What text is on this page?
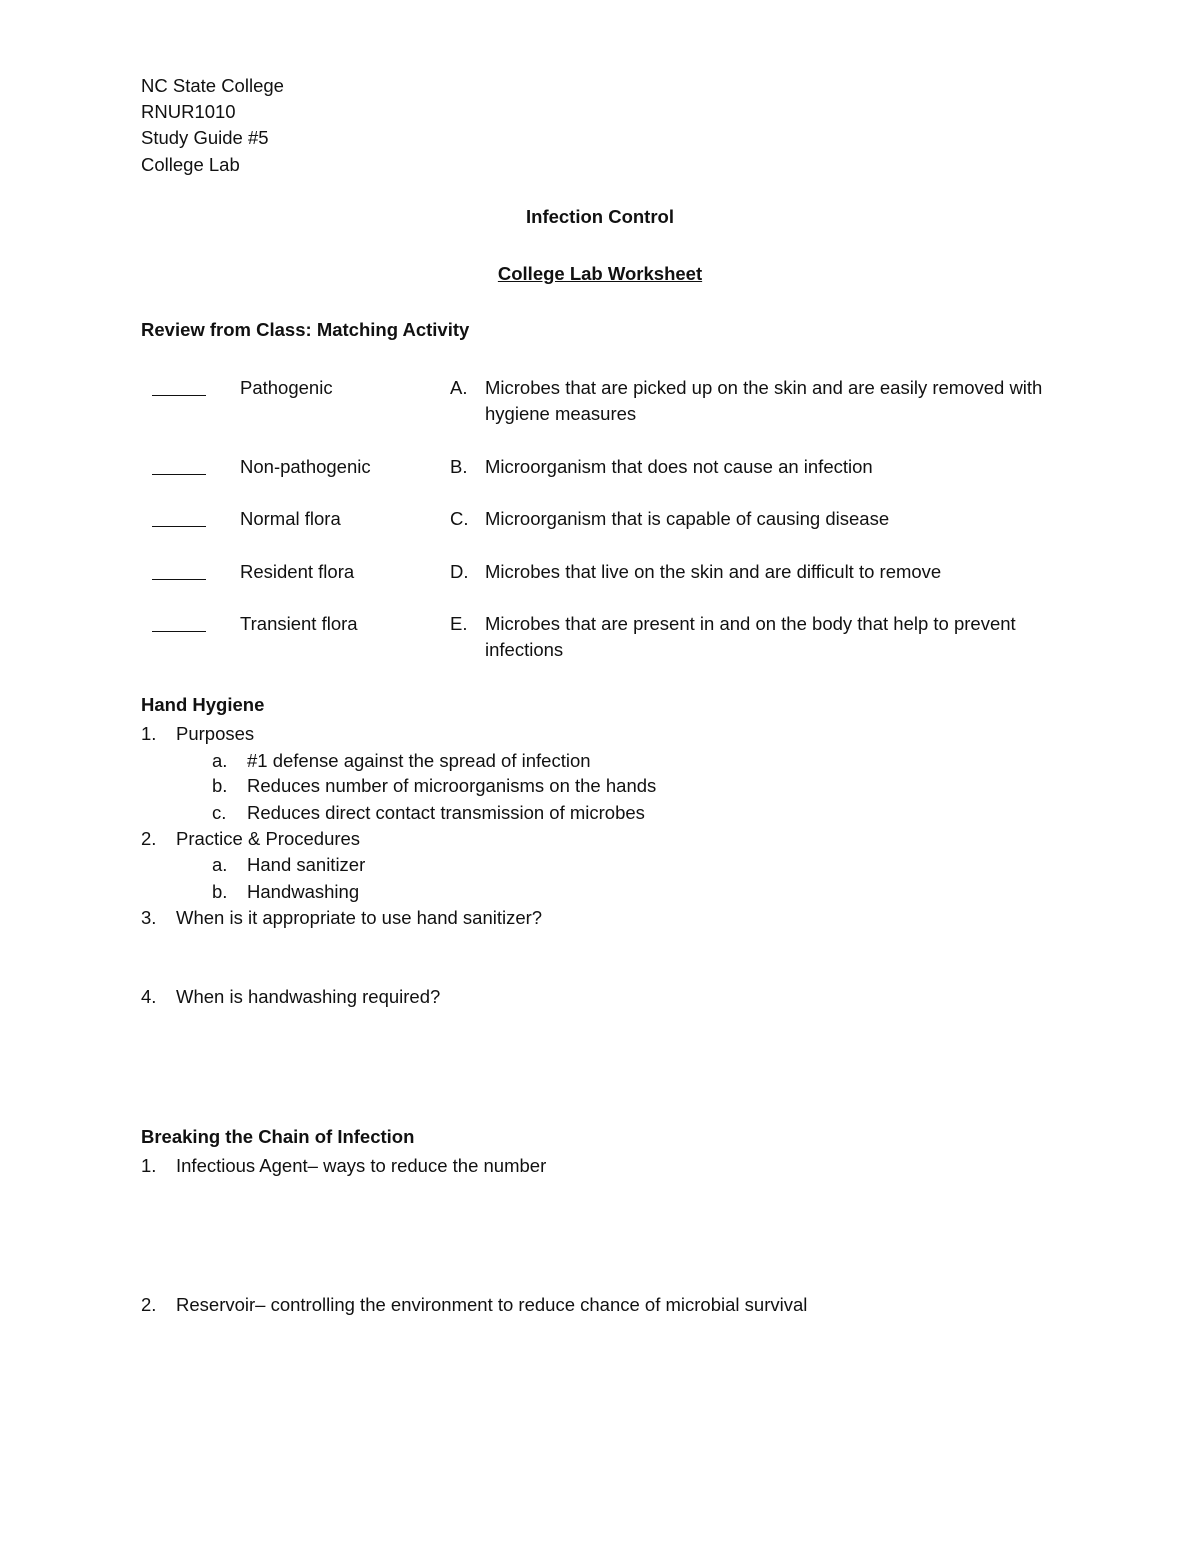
NC State College
RNUR1010
Study Guide #5
College Lab
Infection Control
College Lab Worksheet
Review from Class: Matching Activity
Pathogenic	A. Microbes that are picked up on the skin and are easily removed with hygiene measures
Non-pathogenic	B. Microorganism that does not cause an infection
Normal flora	C. Microorganism that is capable of causing disease
Resident flora	D. Microbes that live on the skin and are difficult to remove
Transient flora	E. Microbes that are present in and on the body that help to prevent infections
Hand Hygiene
1. Purposes
a. #1 defense against the spread of infection
b. Reduces number of microorganisms on the hands
c. Reduces direct contact transmission of microbes
2. Practice & Procedures
a. Hand sanitizer
b. Handwashing
3. When is it appropriate to use hand sanitizer?
4. When is handwashing required?
Breaking the Chain of Infection
1. Infectious Agent– ways to reduce the number
2. Reservoir– controlling the environment to reduce chance of microbial survival
